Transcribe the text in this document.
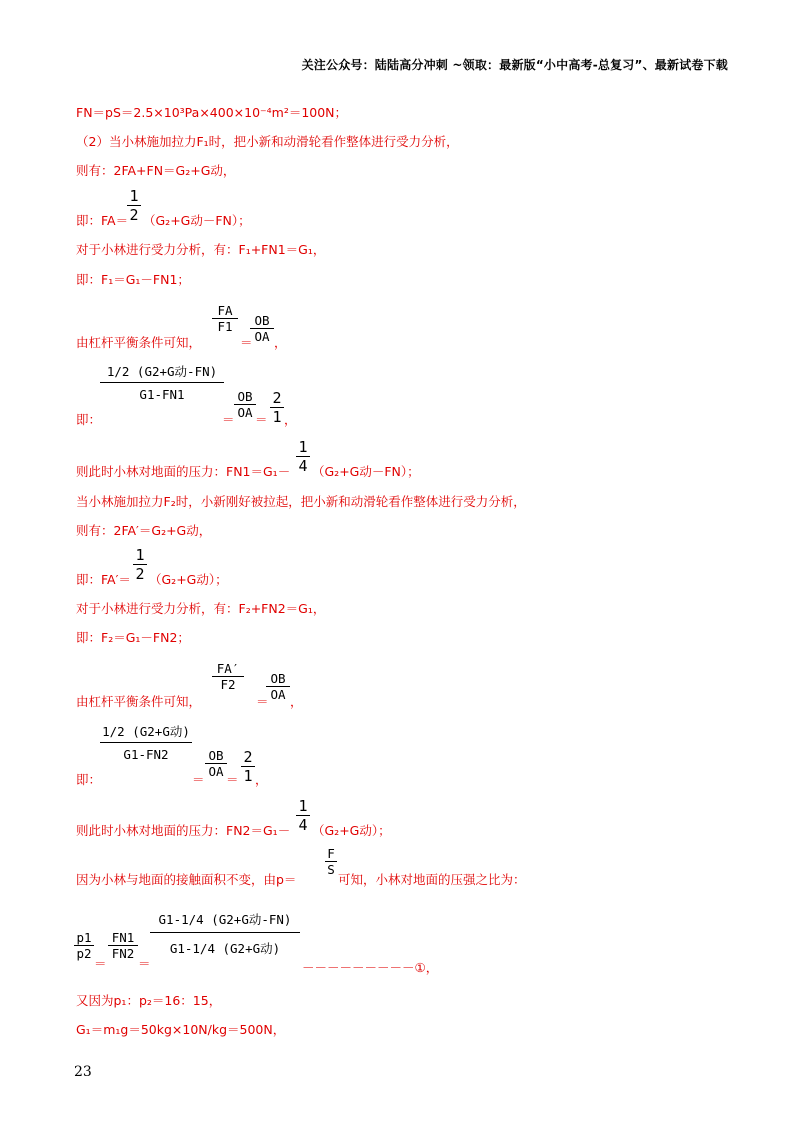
关注公众号：陆陆高分冲刺 ~领取：最新版“小中高考-总复习”、最新试卷下载
FN＝pS＝2.5×10³Pa×400×10⁻⁴m²＝100N；
（2）当小林施加拉力F₁时，把小新和动滑轮看作整体进行受力分析，
则有：2FA+FN＝G₂+G动，
即：FA＝
1
2 （G₂+G动－FN）；
对于小林进行受力分析，有：F₁+FN1＝G₁，
即：F₁＝G₁－FN1；
由杠杆平衡条件可知，
FA
F1
＝
OB
OA ，
即：
1/2 (G2+G动-FN)
G1-FN1
＝
OB
OA ＝
2
1 ，
则此时小林对地面的压力：FN1＝G₁－
1
4 （G₂+G动－FN）；
当小林施加拉力F₂时，小新刚好被拉起，把小新和动滑轮看作整体进行受力分析，
则有：2FA′＝G₂+G动，
即：FA′＝
1
2 （G₂+G动）；
对于小林进行受力分析，有：F₂+FN2＝G₁，
即：F₂＝G₁－FN2；
由杠杆平衡条件可知，
FA′
F2
＝
OB
OA ，
即：
1/2 (G2+G动)
G1-FN2
＝
OB
OA
＝
2
1 ，
则此时小林对地面的压力：FN2＝G₁－
1
4 （G₂+G动）；
因为小林与地面的接触面积不变，由p＝
F
S
可知，小林对地面的压强之比为：
p1
p2
＝
FN1
FN2
＝
G1-1/4 (G2+G动-FN)
G1-1/4 (G2+G动)
－－－－－－－－－①，
又因为p₁：p₂＝16：15，
G₁＝m₁g＝50kg×10N/kg＝500N，
23
